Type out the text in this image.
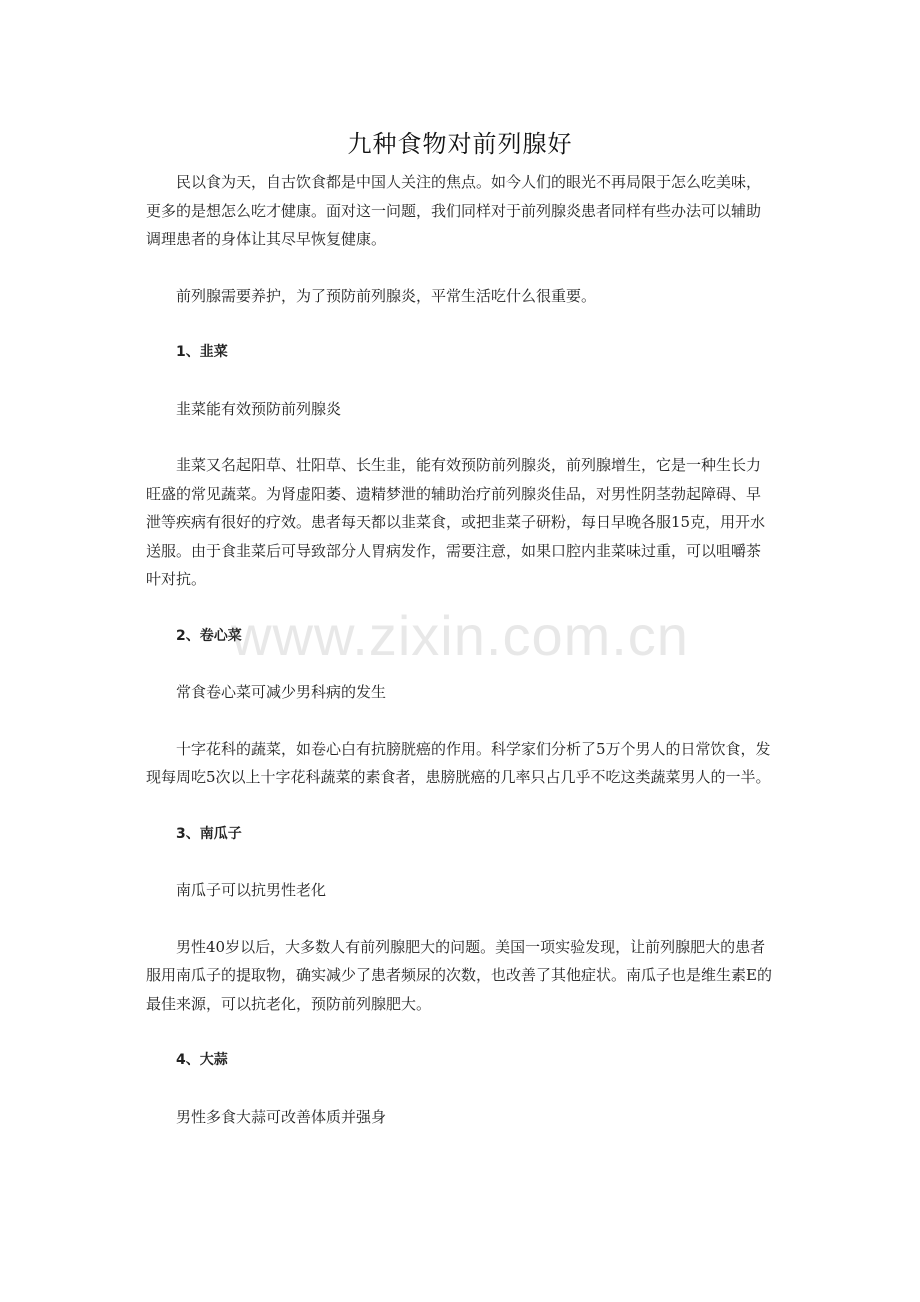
九种食物对前列腺好

民以食为天，自古饮食都是中国人关注的焦点。如今人们的眼光不再局限于怎么吃美味，更多的是想怎么吃才健康。面对这一问题，我们同样对于前列腺炎患者同样有些办法可以辅助调理患者的身体让其尽早恢复健康。

前列腺需要养护，为了预防前列腺炎，平常生活吃什么很重要。

1、韭菜

韭菜能有效预防前列腺炎

韭菜又名起阳草、壮阳草、长生韭，能有效预防前列腺炎，前列腺增生，它是一种生长力旺盛的常见蔬菜。为肾虚阳萎、遗精梦泄的辅助治疗前列腺炎佳品，对男性阴茎勃起障碍、早泄等疾病有很好的疗效。患者每天都以韭菜食，或把韭菜子研粉，每日早晚各服15克，用开水送服。由于食韭菜后可导致部分人胃病发作，需要注意，如果口腔内韭菜味过重，可以咀嚼茶叶对抗。

2、卷心菜

常食卷心菜可减少男科病的发生

十字花科的蔬菜，如卷心白有抗膀胱癌的作用。科学家们分析了5万个男人的日常饮食，发现每周吃5次以上十字花科蔬菜的素食者，患膀胱癌的几率只占几乎不吃这类蔬菜男人的一半。

3、南瓜子

南瓜子可以抗男性老化

男性40岁以后，大多数人有前列腺肥大的问题。美国一项实验发现，让前列腺肥大的患者服用南瓜子的提取物，确实减少了患者频尿的次数，也改善了其他症状。南瓜子也是维生素E的最佳来源，可以抗老化，预防前列腺肥大。

4、大蒜

男性多食大蒜可改善体质并强身

www.zixin.com.cn
